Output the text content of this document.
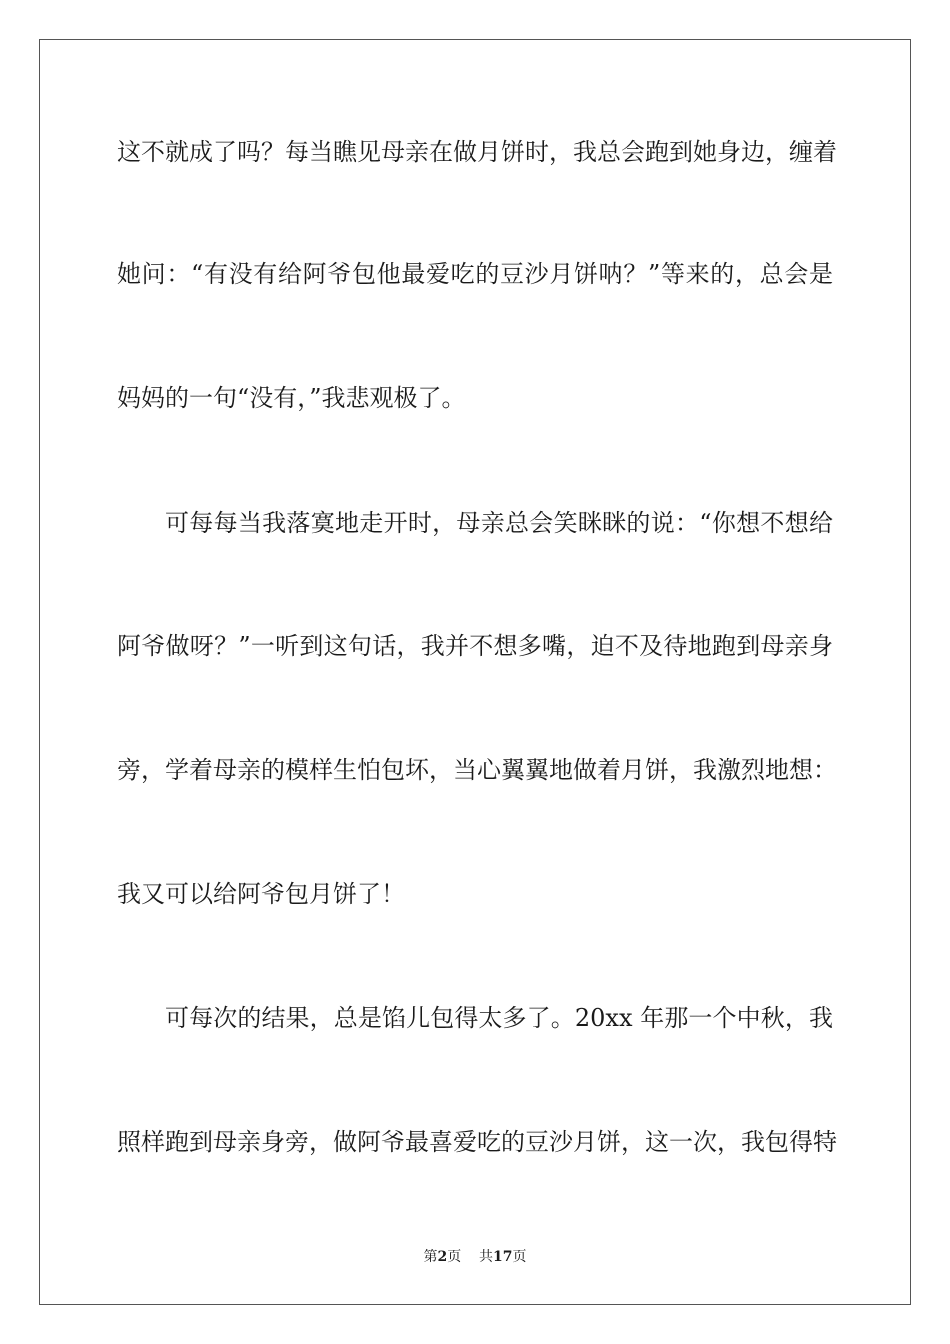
这不就成了吗？每当瞧见母亲在做月饼时，我总会跑到她身边，缠着
她问：“有没有给阿爷包他最爱吃的豆沙月饼呐？”等来的，总会是
妈妈的一句“没有，”我悲观极了。
可每每当我落寞地走开时，母亲总会笑眯眯的说：“你想不想给
阿爷做呀？”一听到这句话，我并不想多嘴，迫不及待地跑到母亲身
旁，学着母亲的模样生怕包坏，当心翼翼地做着月饼，我激烈地想：
我又可以给阿爷包月饼了！
可每次的结果，总是馅儿包得太多了。20xx 年那一个中秋，我
照样跑到母亲身旁，做阿爷最喜爱吃的豆沙月饼，这一次，我包得特
第2页 共17页
